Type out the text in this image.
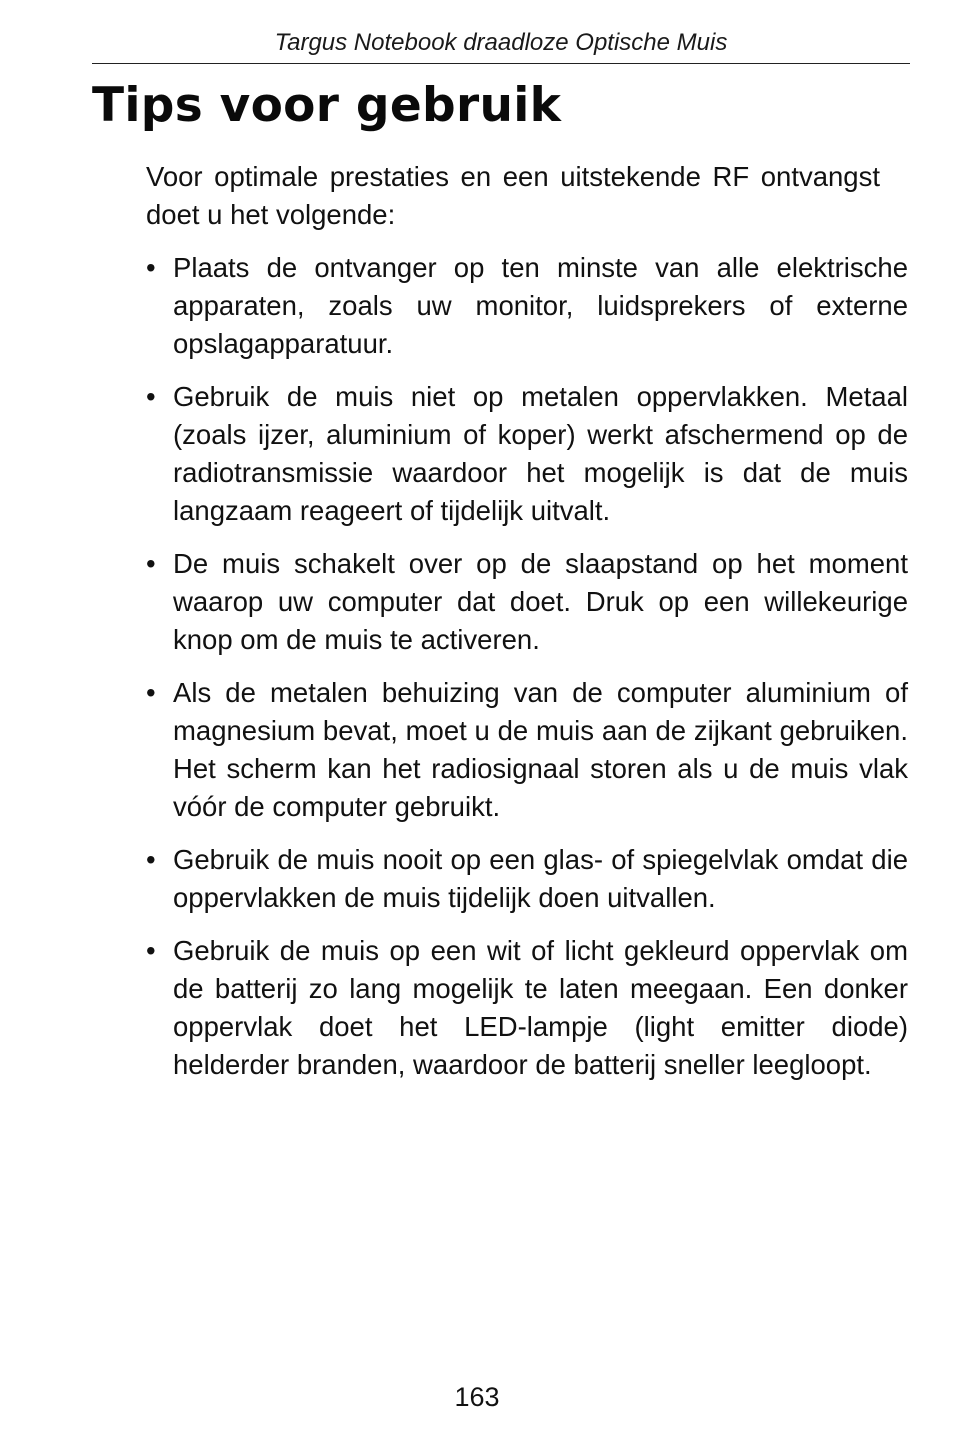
Targus Notebook draadloze Optische Muis
Tips voor gebruik

Voor optimale prestaties en een uitstekende RF ontvangst doet u het volgende:

• Plaats de ontvanger op ten minste van alle elektrische apparaten, zoals uw monitor, luidsprekers of externe opslagapparatuur.
• Gebruik de muis niet op metalen oppervlakken. Metaal (zoals ijzer, aluminium of koper) werkt afschermend op de radiotransmissie waardoor het mogelijk is dat de muis langzaam reageert of tijdelijk uitvalt.
• De muis schakelt over op de slaapstand op het moment waarop uw computer dat doet. Druk op een willekeurige knop om de muis te activeren.
• Als de metalen behuizing van de computer aluminium of magnesium bevat, moet u de muis aan de zijkant gebruiken. Het scherm kan het radiosignaal storen als u de muis vlak vóór de computer gebruikt.
• Gebruik de muis nooit op een glas- of spiegelvlak omdat die oppervlakken de muis tijdelijk doen uitvallen.
• Gebruik de muis op een wit of licht gekleurd oppervlak om de batterij zo lang mogelijk te laten meegaan. Een donker oppervlak doet het LED-lampje (light emitter diode) helderder branden, waardoor de batterij sneller leegloopt.
163
